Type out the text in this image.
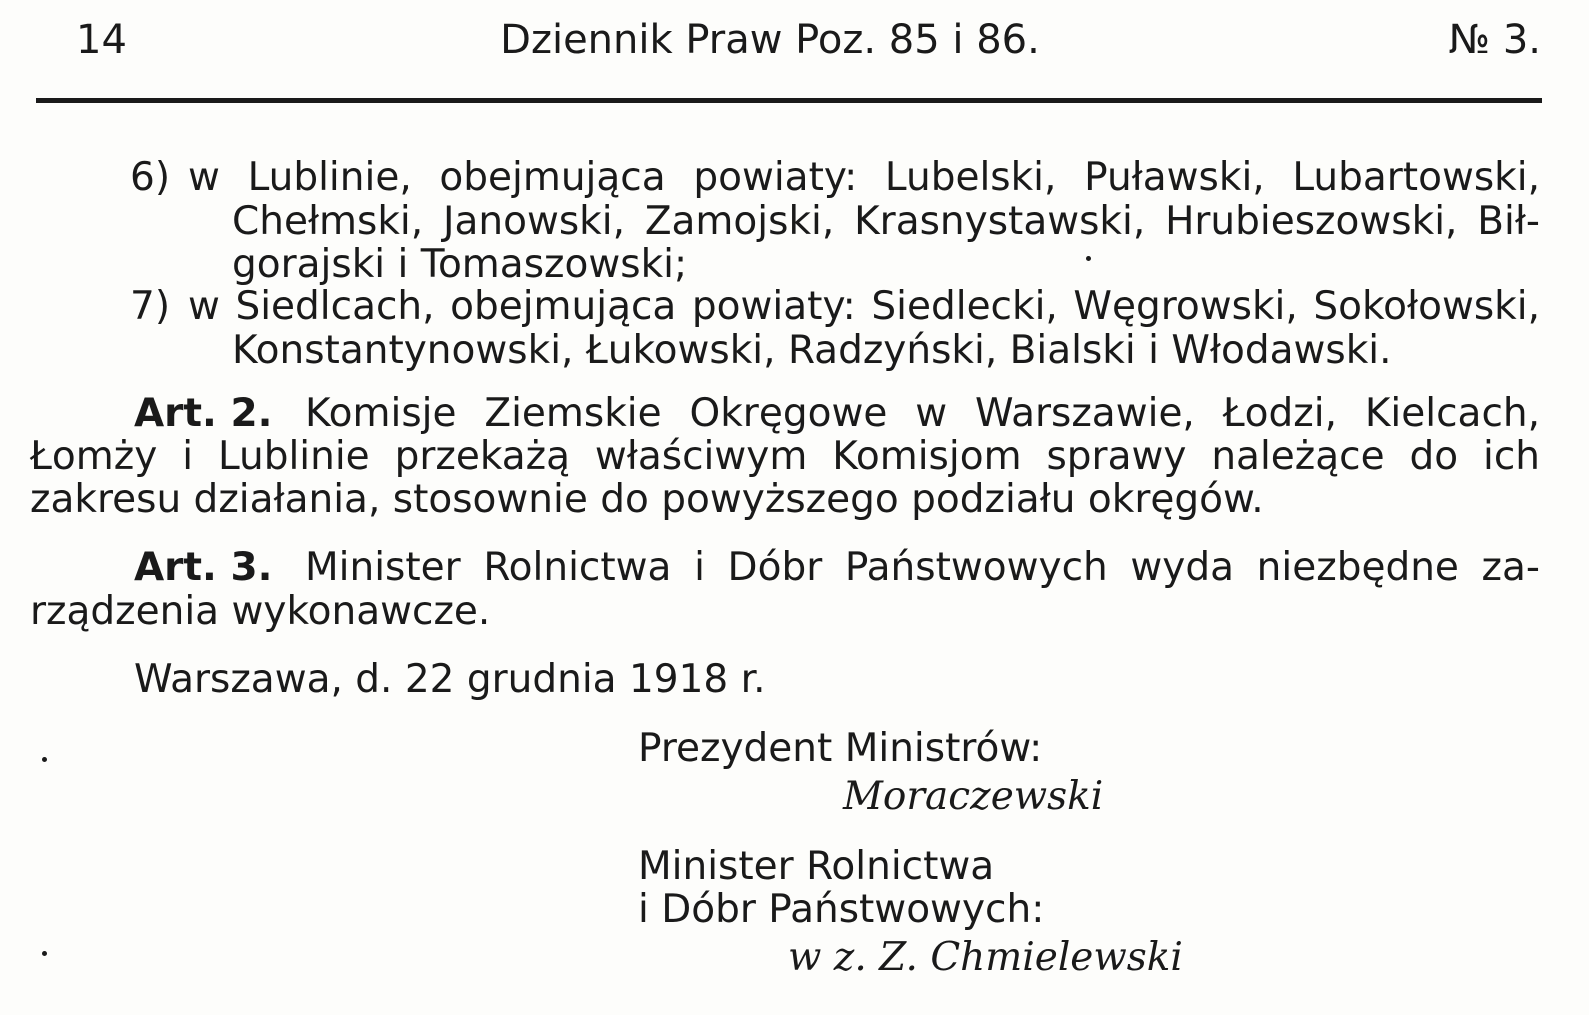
14	Dziennik Praw Poz. 85 i 86.	№ 3.
6) w Lublinie, obejmująca powiaty: Lubelski, Puławski, Lubartowski,
Chełmski, Janowski, Zamojski, Krasnystawski, Hrubieszowski, Bił-
gorajski i Tomaszowski;
7) w Siedlcach, obejmująca powiaty: Siedlecki, Węgrowski, Sokołowski,
Konstantynowski, Łukowski, Radzyński, Bialski i Włodawski.
Art. 2. Komisje Ziemskie Okręgowe w Warszawie, Łodzi, Kielcach,
Łomży i Lublinie przekażą właściwym Komisjom sprawy należące do ich
zakresu działania, stosownie do powyższego podziału okręgów.
Art. 3. Minister Rolnictwa i Dóbr Państwowych wyda niezbędne za-
rządzenia wykonawcze.
Warszawa, d. 22 grudnia 1918 r.
Prezydent Ministrów:
Moraczewski
Minister Rolnictwa
i Dóbr Państwowych:
w z. Z. Chmielewski
